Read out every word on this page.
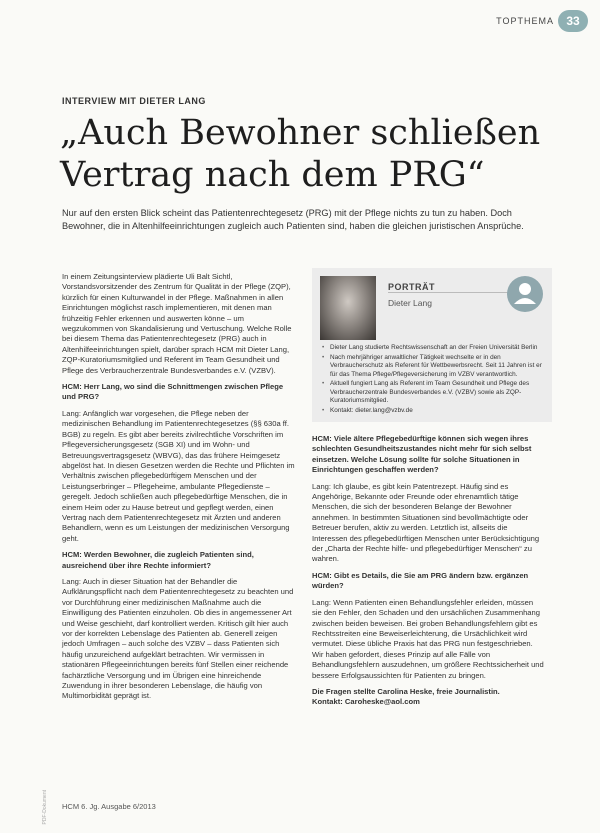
TOPTHEMA	33
INTERVIEW MIT DIETER LANG
„Auch Bewohner schließen Vertrag nach dem PRG“
Nur auf den ersten Blick scheint das Patientenrechtegesetz (PRG) mit der Pflege nichts zu tun zu haben. Doch Bewohner, die in Altenhilfeeinrichtungen zugleich auch Patienten sind, haben die gleichen juristischen Ansprüche.

In einem Zeitungsinterview plädierte Uli Balt Sichtl, Vorstandsvorsitzender des Zentrum für Qualität in der Pflege (ZQP), kürzlich für einen Kulturwandel in der Pflege. Maßnahmen in allen Einrichtungen möglichst rasch implementieren, mit denen man frühzeitig Fehler erkennen und auswerten könne – um wegzukommen von Skandalisierung und Vertuschung. Welche Rolle bei diesem Thema das Patientenrechtegesetz (PRG) auch in Altenhilfeeinrichtungen spielt, darüber sprach HCM mit Dieter Lang, ZQP-Kuratoriumsmitglied und Referent im Team Gesundheit und Pflege des Verbraucherzentrale Bundesverbandes e.V. (VZBV).

HCM: Herr Lang, wo sind die Schnittmengen zwischen Pflege und PRG?

Lang: Anfänglich war vorgesehen, die Pflege neben der medizinischen Behandlung im Patientenrechtegesetzes (§§ 630a ff. BGB) zu regeln. Es gibt aber bereits zivilrechtliche Vorschriften im Pflegeversicherungsgesetz (SGB XI) und im Wohn- und Betreuungsvertragsgesetz (WBVG), das das frühere Heimgesetz abgelöst hat. In diesen Gesetzen werden die Rechte und Pflichten im Verhältnis zwischen pflegebedürftigem Menschen und der Leistungserbringer – Pflegeheime, ambulante Pflegedienste – geregelt. Jedoch schließen auch pflegebedürftige Menschen, die in einem Heim oder zu Hause betreut und gepflegt werden, einen Vertrag nach dem Patientenrechtegesetz mit Ärzten und anderen Behandlern, wenn es um Leistungen der medizinischen Versorgung geht.

HCM: Werden Bewohner, die zugleich Patienten sind, ausreichend über ihre Rechte informiert?

Lang: Auch in dieser Situation hat der Behandler die Aufklärungspflicht nach dem Patientenrechtegesetz zu beachten und vor Durchführung einer medizinischen Maßnahme auch die Einwilligung des Patienten einzuholen. Ob dies in angemessener Art und Weise geschieht, darf kontrolliert werden. Kritisch gilt hier auch vor der korrekten Lebenslage des Patienten ab. Generell zeigen jedoch Umfragen – auch solche des VZBV – dass Patienten sich häufig unzureichend aufgeklärt betrachten. Wir vermissen in stationären Pflegeeinrichtungen bereits fünf Stellen einer reichende fachärztliche Versorgung und im Übrigen eine hinreichende Zuwendung in ihrer besonderen Lebenslage, die häufig von Multimorbidität geprägt ist.

PORTRÄT
Dieter Lang
• Dieter Lang studierte Rechtswissenschaft an der Freien Universität Berlin
• Nach mehrjähriger anwaltlicher Tätigkeit wechselte er in den Verbraucherschutz als Referent für Wettbewerbsrecht. Seit 11 Jahren ist er für das Thema Pflege/Pflegeversicherung im VZBV verantwortlich.
• Aktuell fungiert Lang als Referent im Team Gesundheit und Pflege des Verbraucherzentrale Bundesverbandes e.V. (VZBV) sowie als ZQP-Kuratoriumsmitglied.
• Kontakt: dieter.lang@vzbv.de

HCM: Viele ältere Pflegebedürftige können sich wegen ihres schlechten Gesundheitszustandes nicht mehr für sich selbst einsetzen. Welche Lösung sollte für solche Situationen in Einrichtungen geschaffen werden?

Lang: Ich glaube, es gibt kein Patentrezept. Häufig sind es Angehörige, Bekannte oder Freunde oder ehrenamtlich tätige Menschen, die sich der besonderen Belange der Bewohner annehmen. In bestimmten Situationen sind bevollmächtigte oder Betreuer berufen, aktiv zu werden. Letztlich ist, allseits die Interessen des pflegebedürftigen Menschen unter Berücksichtigung der „Charta der Rechte hilfe- und pflegebedürftiger Menschen“ zu wahren.

HCM: Gibt es Details, die Sie am PRG ändern bzw. ergänzen würden?

Lang: Wenn Patienten einen Behandlungsfehler erleiden, müssen sie den Fehler, den Schaden und den ursächlichen Zusammenhang zwischen beiden beweisen. Bei groben Behandlungsfehlern gibt es Rechtsstreiten eine Beweiserleichterung, die Ursächlichkeit wird vermutet. Diese übliche Praxis hat das PRG nun festgeschrieben. Wir haben gefordert, dieses Prinzip auf alle Fälle von Behandlungsfehlern auszudehnen, um größere Rechtssicherheit und bessere Erfolgsaussichten für Patienten zu bringen.

Die Fragen stellte Carolina Heske, freie Journalistin.

Kontakt: Caroheske@aol.com

PDF-Dokument HCM 6. Jg. Ausgabe 6/2013
